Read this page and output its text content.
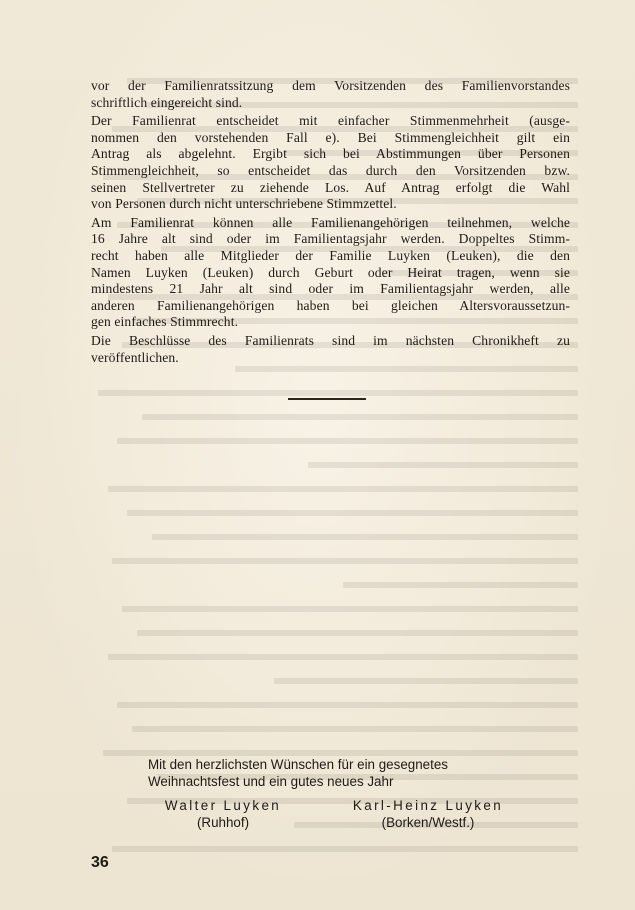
vor der Familienratssitzung dem Vorsitzenden des Familienvorstandes
schriftlich eingereicht sind.

Der Familienrat entscheidet mit einfacher Stimmenmehrheit (ausge-
nommen den vorstehenden Fall e). Bei Stimmengleichheit gilt ein
Antrag als abgelehnt. Ergibt sich bei Abstimmungen über Personen
Stimmengleichheit, so entscheidet das durch den Vorsitzenden bzw.
seinen Stellvertreter zu ziehende Los. Auf Antrag erfolgt die Wahl
von Personen durch nicht unterschriebene Stimmzettel.

Am Familienrat können alle Familienangehörigen teilnehmen, welche
16 Jahre alt sind oder im Familientagsjahr werden. Doppeltes Stimm-
recht haben alle Mitglieder der Familie Luyken (Leuken), die den
Namen Luyken (Leuken) durch Geburt oder Heirat tragen, wenn sie
mindestens 21 Jahr alt sind oder im Familientagsjahr werden, alle
anderen Familienangehörigen haben bei gleichen Altersvoraussetzun-
gen einfaches Stimmrecht.

Die Beschlüsse des Familienrats sind im nächsten Chronikheft zu
veröffentlichen.

Mit den herzlichsten Wünschen für ein gesegnetes
Weihnachtsfest und ein gutes neues Jahr
Walter Luyken
(Ruhhof)
Karl-Heinz Luyken
(Borken/Westf.)
36
